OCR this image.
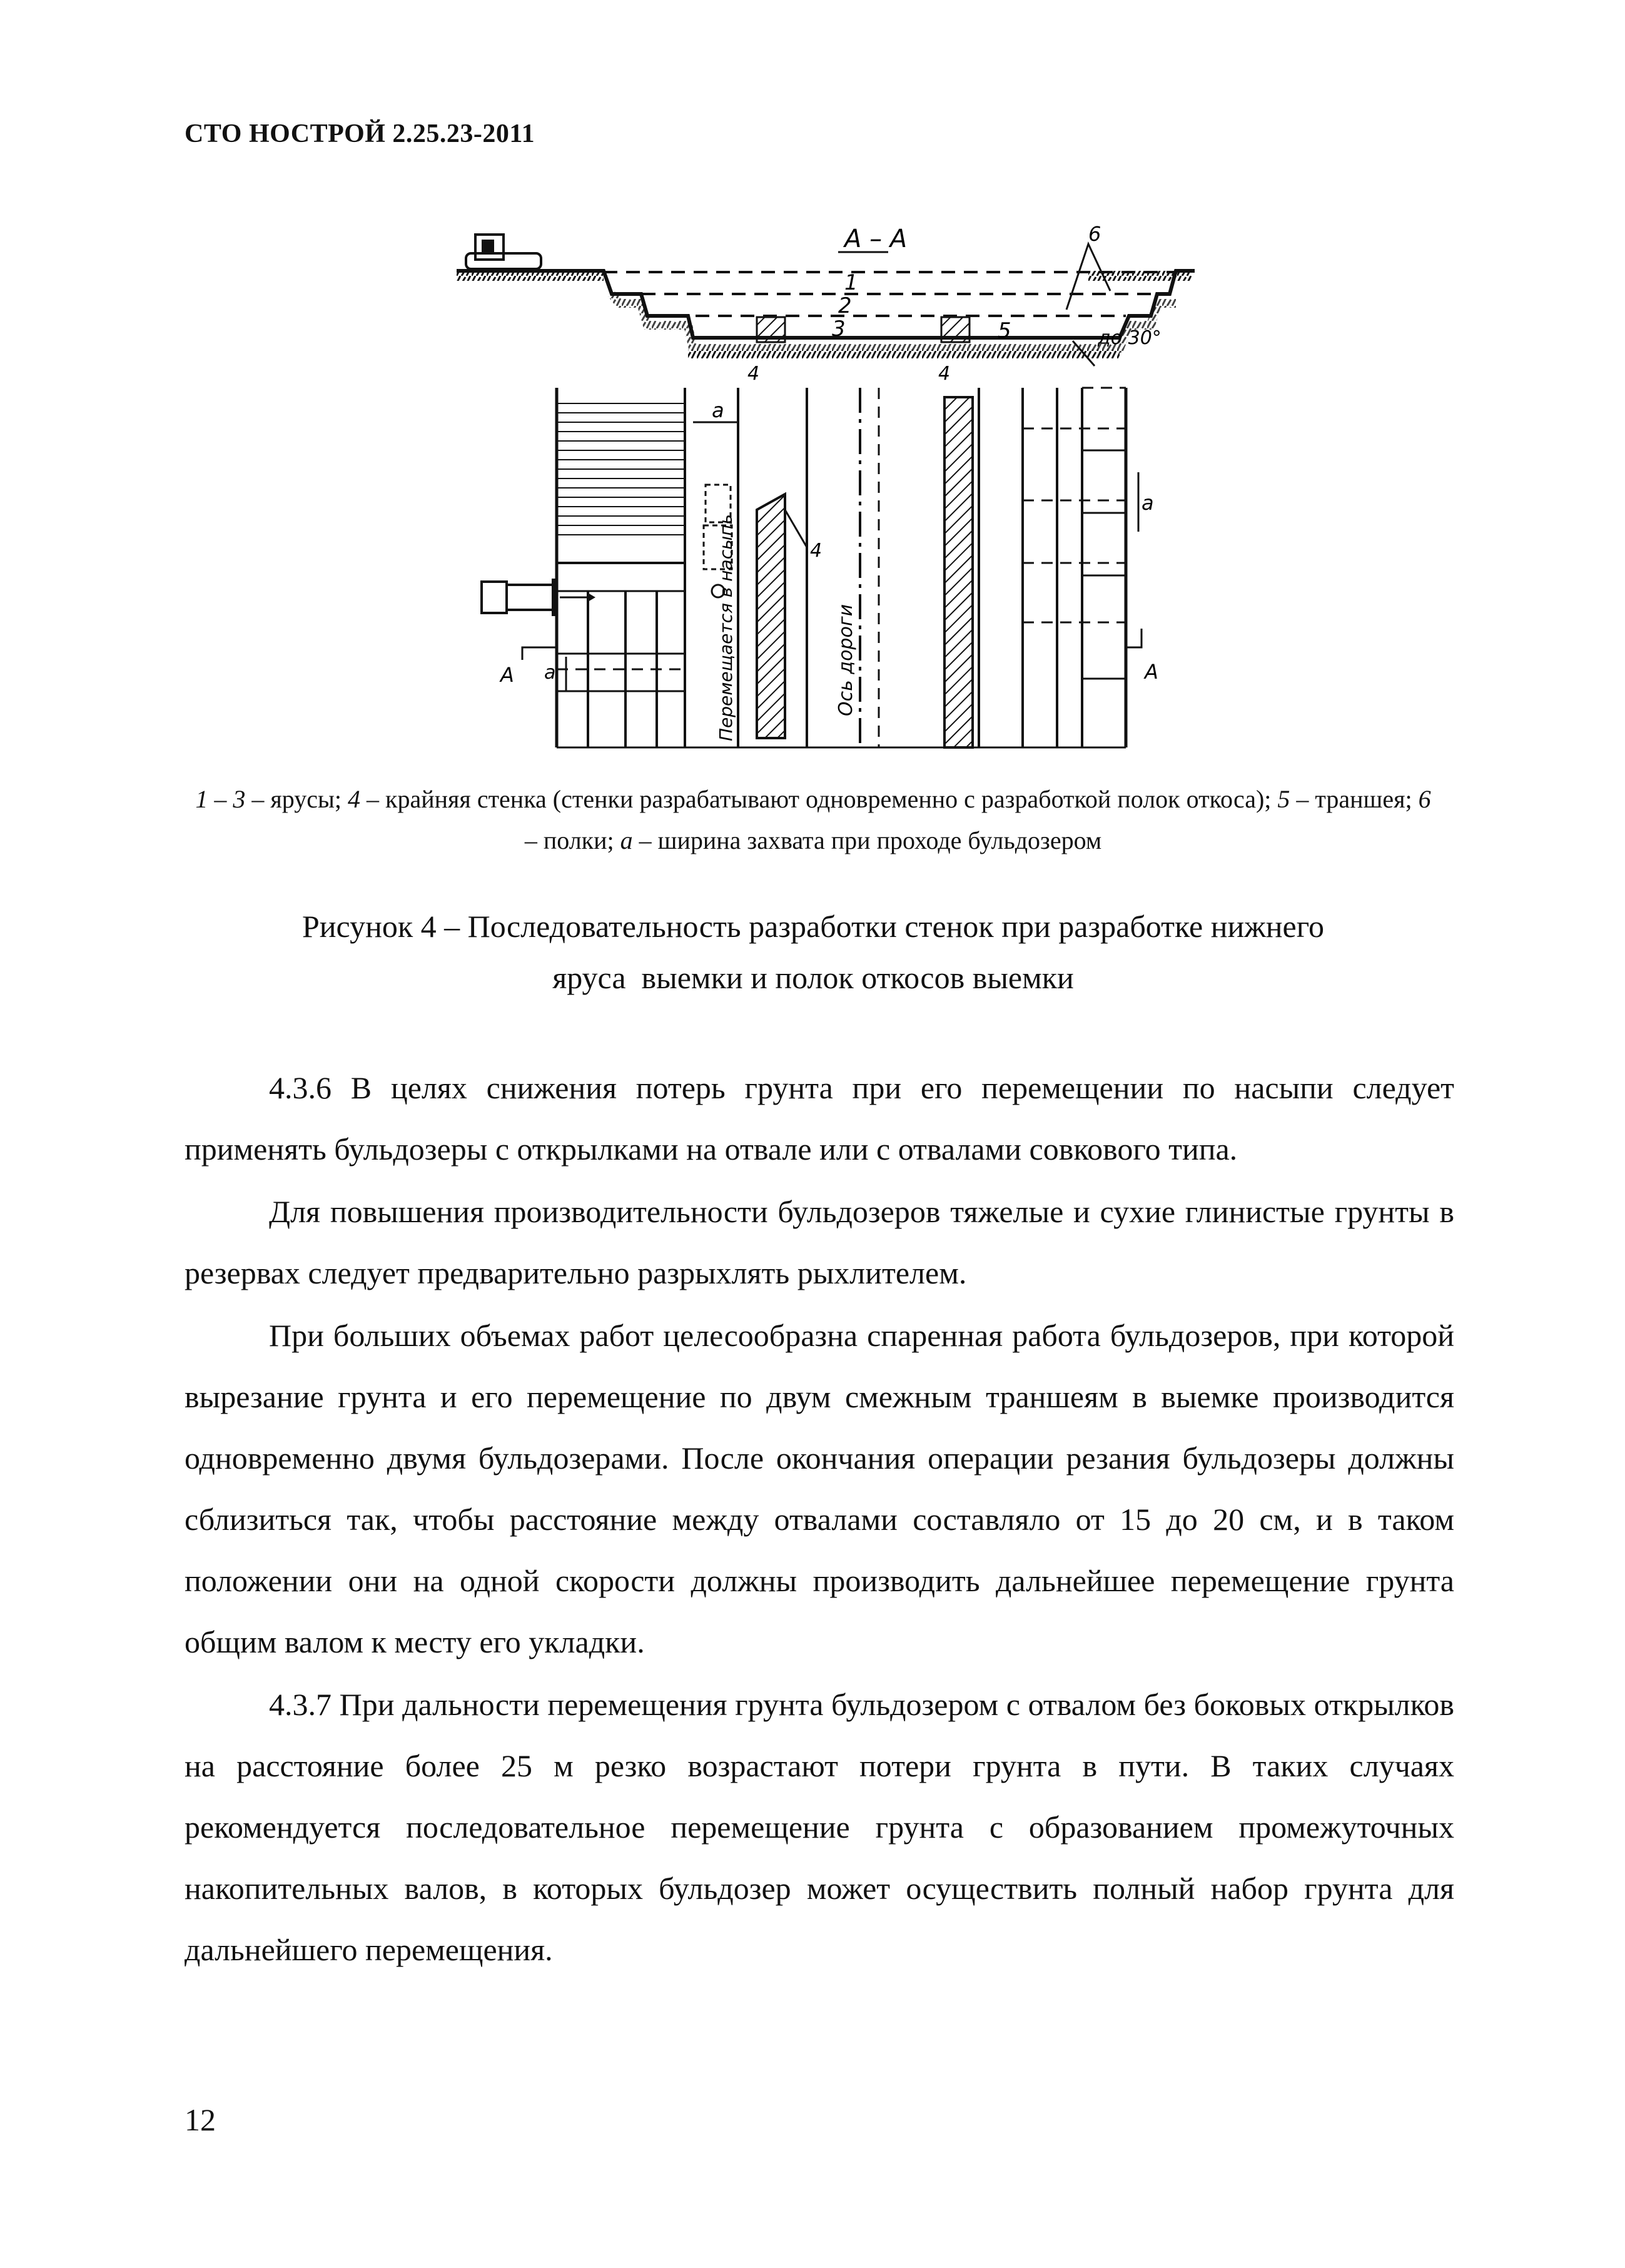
СТО НОСТРОЙ 2.25.23-2011
А – А
1
2
3	5
6
до 30°
4	4
Ось дороги
4
а
а
а
А	А
Перемещается в насыпь
1 – 3 – ярусы; 4 – крайняя стенка (стенки разрабатывают одновременно с разработкой полок откоса); 5 – траншея; 6 – полки; а – ширина захвата при проходе бульдозером
Рисунок 4 – Последовательность разработки стенок при разработке нижнего
яруса  выемки и полок откосов выемки

4.3.6 В целях снижения потерь грунта при его перемещении по насыпи следует применять бульдозеры с открылками на отвале или с отвалами совкового типа.

Для повышения производительности бульдозеров тяжелые и сухие глинистые грунты в резервах следует предварительно разрыхлять рыхлителем.

При больших объемах работ целесообразна спаренная работа бульдозеров, при которой вырезание грунта и его перемещение по двум смежным траншеям в выемке производится одновременно двумя бульдозерами. После окончания операции резания бульдозеры должны сблизиться так, чтобы расстояние между отвалами составляло от 15 до 20 см, и в таком положении они на одной скорости должны производить дальнейшее перемещение грунта общим валом к месту его укладки.

4.3.7 При дальности перемещения грунта бульдозером с отвалом без боковых открылков на расстояние более 25 м резко возрастают потери грунта в пути. В таких случаях рекомендуется последовательное перемещение грунта с образованием промежуточных накопительных валов, в которых бульдозер может осуществить полный набор грунта для дальнейшего перемещения.

12
